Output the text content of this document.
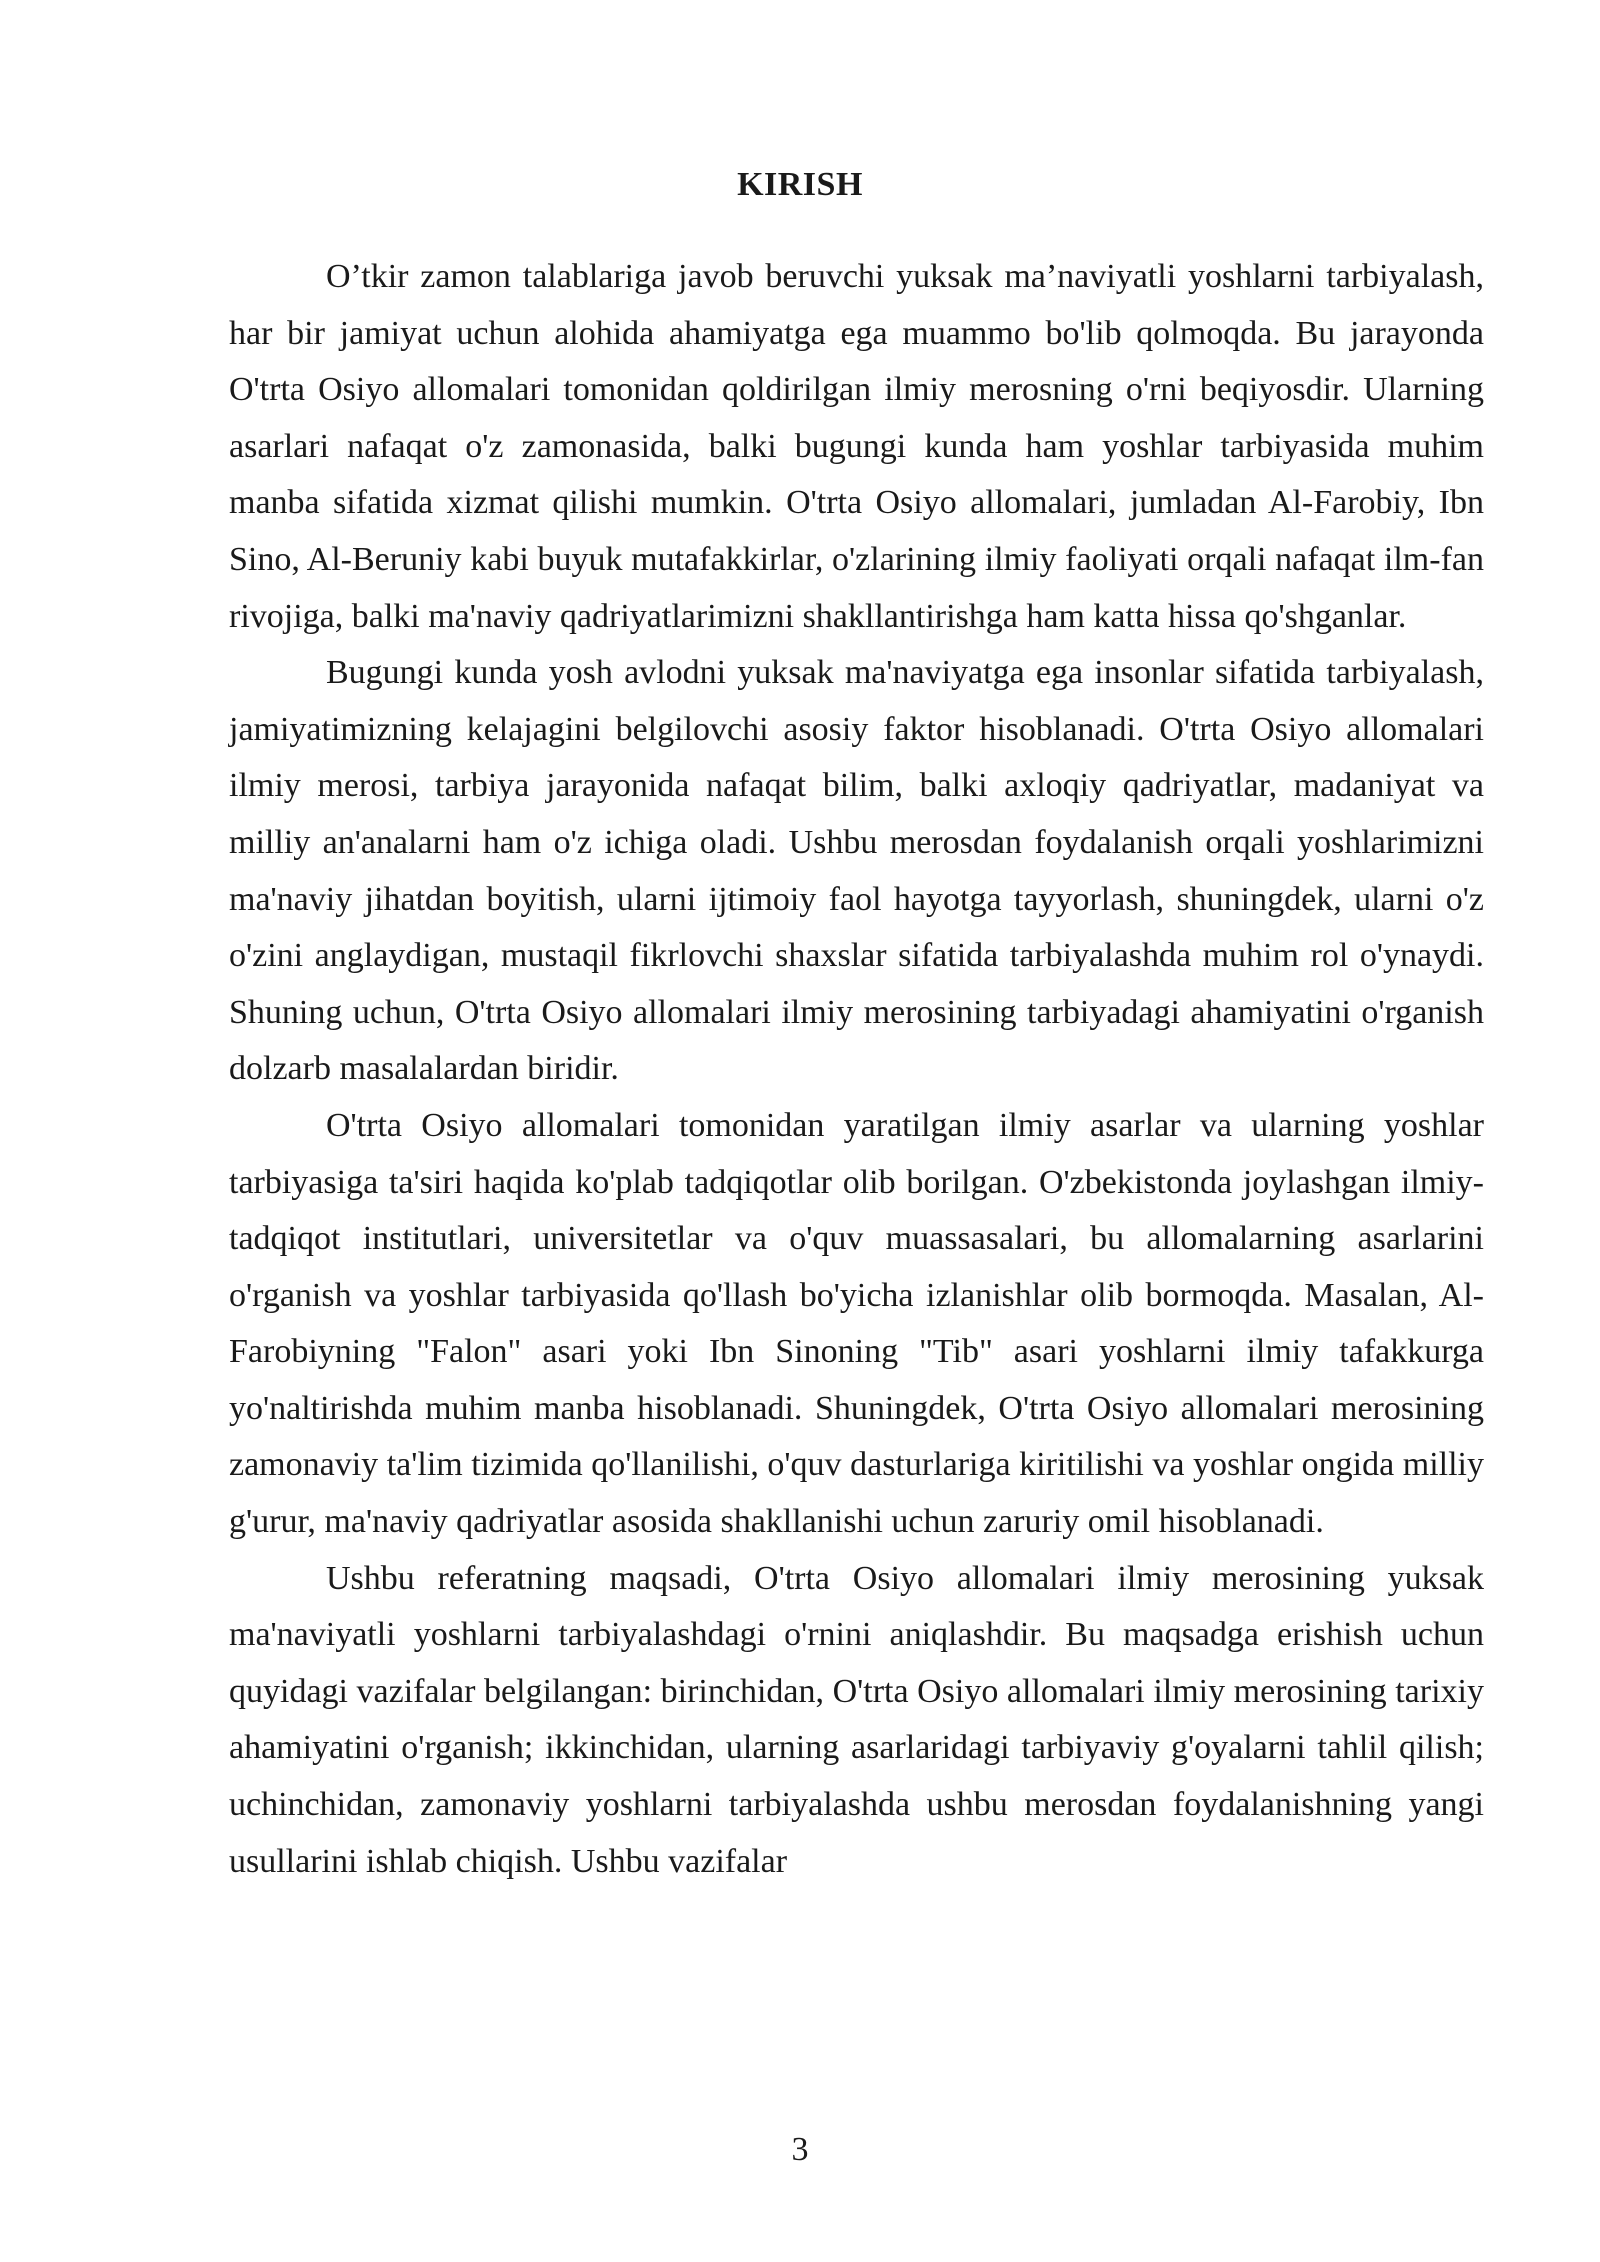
KIRISH

O’tkir zamon talablariga javob beruvchi yuksak ma’naviyatli yoshlarni tarbiyalash, har bir jamiyat uchun alohida ahamiyatga ega muammo bo'lib qolmoqda. Bu jarayonda O'trta Osiyo allomalari tomonidan qoldirilgan ilmiy merosning o'rni beqiyosdir. Ularning asarlari nafaqat o'z zamonasida, balki bugungi kunda ham yoshlar tarbiyasida muhim manba sifatida xizmat qilishi mumkin. O'trta Osiyo allomalari, jumladan Al-Farobiy, Ibn Sino, Al-Beruniy kabi buyuk mutafakkirlar, o'zlarining ilmiy faoliyati orqali nafaqat ilm-fan rivojiga, balki ma'naviy qadriyatlarimizni shakllantirishga ham katta hissa qo'shganlar.

Bugungi kunda yosh avlodni yuksak ma'naviyatga ega insonlar sifatida tarbiyalash, jamiyatimizning kelajagini belgilovchi asosiy faktor hisoblanadi. O'trta Osiyo allomalari ilmiy merosi, tarbiya jarayonida nafaqat bilim, balki axloqiy qadriyatlar, madaniyat va milliy an'analarni ham o'z ichiga oladi. Ushbu merosdan foydalanish orqali yoshlarimizni ma'naviy jihatdan boyitish, ularni ijtimoiy faol hayotga tayyorlash, shuningdek, ularni o'z o'zini anglaydigan, mustaqil fikrlovchi shaxslar sifatida tarbiyalashda muhim rol o'ynaydi. Shuning uchun, O'trta Osiyo allomalari ilmiy merosining tarbiyadagi ahamiyatini o'rganish dolzarb masalalardan biridir.

O'trta Osiyo allomalari tomonidan yaratilgan ilmiy asarlar va ularning yoshlar tarbiyasiga ta'siri haqida ko'plab tadqiqotlar olib borilgan. O'zbekistonda joylashgan ilmiy-tadqiqot institutlari, universitetlar va o'quv muassasalari, bu allomalarning asarlarini o'rganish va yoshlar tarbiyasida qo'llash bo'yicha izlanishlar olib bormoqda. Masalan, Al-Farobiyning "Falon" asari yoki Ibn Sinoning "Tib" asari yoshlarni ilmiy tafakkurga yo'naltirishda muhim manba hisoblanadi. Shuningdek, O'trta Osiyo allomalari merosining zamonaviy ta'lim tizimida qo'llanilishi, o'quv dasturlariga kiritilishi va yoshlar ongida milliy g'urur, ma'naviy qadriyatlar asosida shakllanishi uchun zaruriy omil hisoblanadi.

Ushbu referatning maqsadi, O'trta Osiyo allomalari ilmiy merosining yuksak ma'naviyatli yoshlarni tarbiyalashdagi o'rnini aniqlashdir. Bu maqsadga erishish uchun quyidagi vazifalar belgilangan: birinchidan, O'trta Osiyo allomalari ilmiy merosining tarixiy ahamiyatini o'rganish; ikkinchidan, ularning asarlaridagi tarbiyaviy g'oyalarni tahlil qilish; uchinchidan, zamonaviy yoshlarni tarbiyalashda ushbu merosdan foydalanishning yangi usullarini ishlab chiqish. Ushbu vazifalar

3
